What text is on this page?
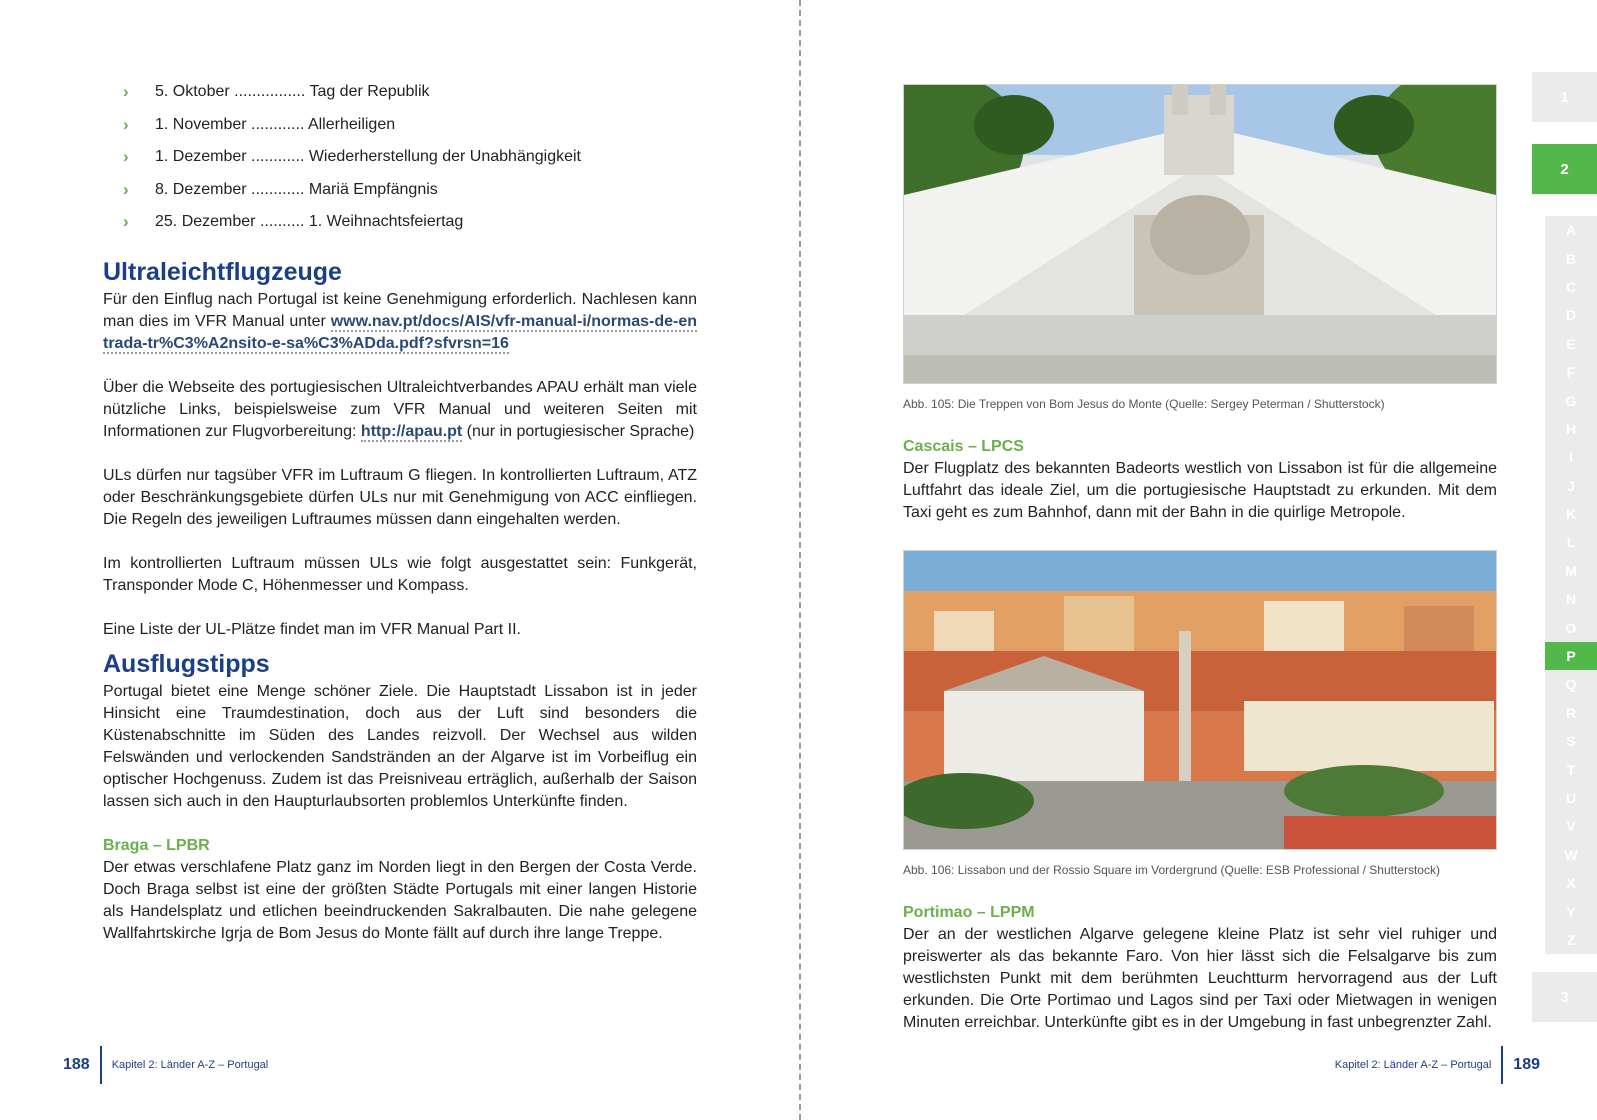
› 5. Oktober ................ Tag der Republik
› 1. November ............ Allerheiligen
› 1. Dezember ............ Wiederherstellung der Unabhängigkeit
› 8. Dezember ............ Mariä Empfängnis
› 25. Dezember .......... 1. Weihnachtsfeiertag
Ultraleichtflugzeuge

Für den Einflug nach Portugal ist keine Genehmigung erforderlich. Nachlesen kann man dies im VFR Manual unter www.nav.pt/docs/AIS/vfr-manual-i/normas-de-entrada-tr%C3%A2nsito-e-sa%C3%ADda.pdf?sfvrsn=16

Über die Webseite des portugiesischen Ultraleichtverbandes APAU erhält man viele nützliche Links, beispielsweise zum VFR Manual und weiteren Seiten mit Informationen zur Flugvorbereitung: http://apau.pt (nur in portugiesischer Sprache)

ULs dürfen nur tagsüber VFR im Luftraum G fliegen. In kontrollierten Luftraum, ATZ oder Beschränkungsgebiete dürfen ULs nur mit Genehmigung von ACC einfliegen. Die Regeln des jeweiligen Luftraumes müssen dann eingehalten werden.

Im kontrollierten Luftraum müssen ULs wie folgt ausgestattet sein: Funkgerät, Transponder Mode C, Höhenmesser und Kompass.

Eine Liste der UL-Plätze findet man im VFR Manual Part II.

Ausflugstipps

Portugal bietet eine Menge schöner Ziele. Die Hauptstadt Lissabon ist in jeder Hinsicht eine Traumdestination, doch aus der Luft sind besonders die Küstenabschnitte im Süden des Landes reizvoll. Der Wechsel aus wilden Felswänden und verlockenden Sandstränden an der Algarve ist im Vorbeiflug ein optischer Hochgenuss. Zudem ist das Preisniveau erträglich, außerhalb der Saison lassen sich auch in den Haupturlaubsorten problemlos Unterkünfte finden.

Braga – LPBR

Der etwas verschlafene Platz ganz im Norden liegt in den Bergen der Costa Verde. Doch Braga selbst ist eine der größten Städte Portugals mit einer langen Historie als Handelsplatz und etlichen beeindruckenden Sakralbauten. Die nahe gelegene Wallfahrtskirche Igrja de Bom Jesus do Monte fällt auf durch ihre lange Treppe.

188 Kapitel 2: Länder A-Z – Portugal
Abb. 105: Die Treppen von Bom Jesus do Monte (Quelle: Sergey Peterman / Shutterstock)
Cascais – LPCS

Der Flugplatz des bekannten Badeorts westlich von Lissabon ist für die allgemeine Luftfahrt das ideale Ziel, um die portugiesische Hauptstadt zu erkunden. Mit dem Taxi geht es zum Bahnhof, dann mit der Bahn in die quirlige Metropole.

Abb. 106: Lissabon und der Rossio Square im Vordergrund (Quelle: ESB Professional / Shutterstock)
Portimao – LPPM

Der an der westlichen Algarve gelegene kleine Platz ist sehr viel ruhiger und preiswerter als das bekannte Faro. Von hier lässt sich die Felsalgarve bis zum westlichsten Punkt mit dem berühmten Leuchtturm hervorragend aus der Luft erkunden. Die Orte Portimao und Lagos sind per Taxi oder Mietwagen in wenigen Minuten erreichbar. Unterkünfte gibt es in der Umgebung in fast unbegrenzter Zahl.

Kapitel 2: Länder A-Z – Portugal 189
1
2
A
B
C
D
E
F
G
H
I
J
K
L
M
N
O
P
Q
R
S
T
U
V
W
X
Y
Z
3
